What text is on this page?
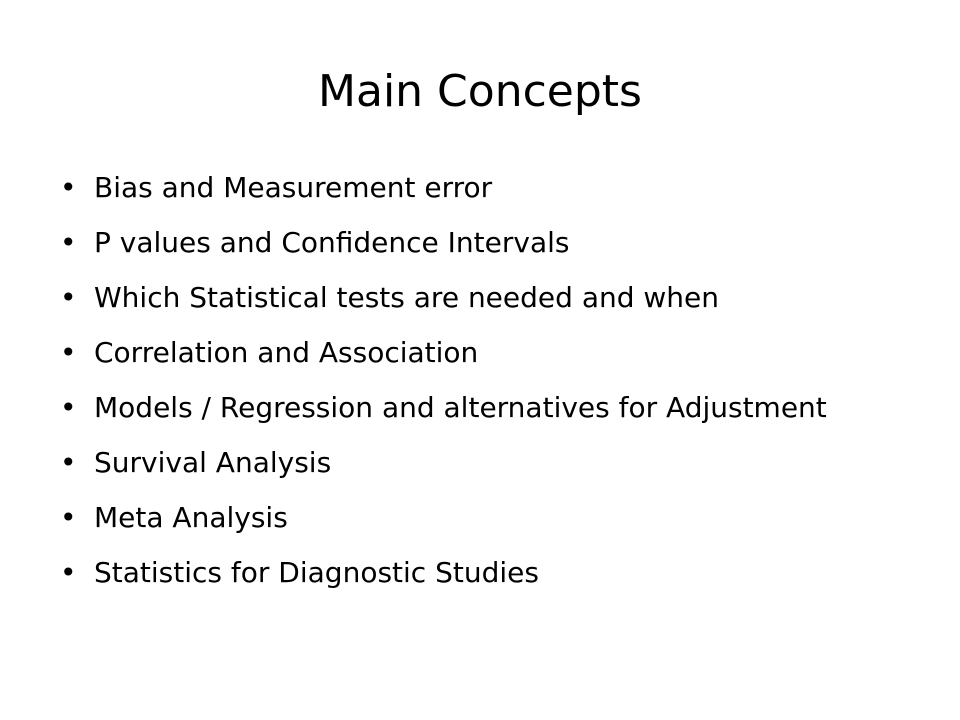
Main Concepts
• Bias and Measurement error
• P values and Confidence Intervals
• Which Statistical tests are needed and when
• Correlation and Association
• Models / Regression and alternatives for Adjustment
• Survival Analysis
• Meta Analysis
• Statistics for Diagnostic Studies
